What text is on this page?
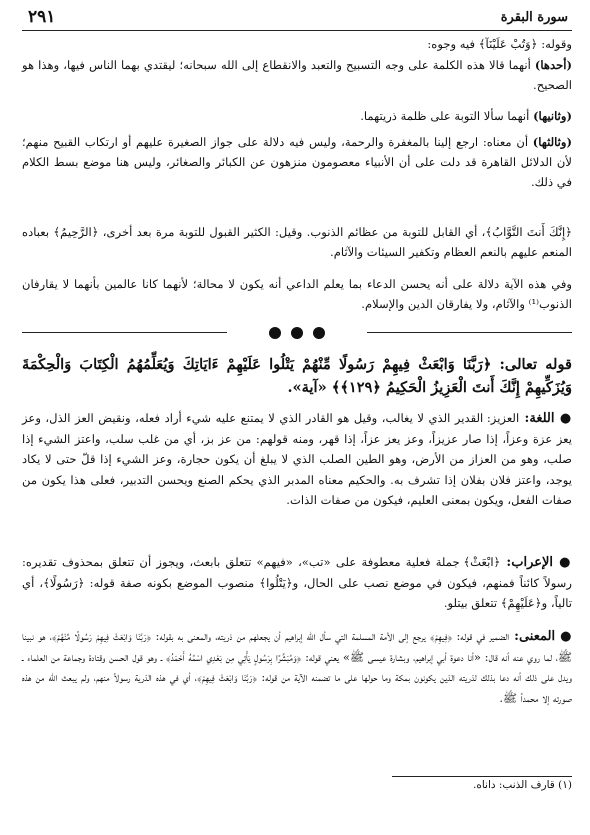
سورة البقرة
٢٩١

وقوله: ﴿وَتُبْ عَلَيْنَآ﴾ فيه وجوه:

(أحدها) أنهما قالا هذه الكلمة على وجه التسبيح والتعبد والانقطاع إلى الله سبحانه؛ ليقتدي بهما الناس فيها، وهذا هو الصحيح.

(وثانيها) أنهما سألا التوبة على ظلمة ذريتهما.

(وثالثها) أن معناه: ارجع إلينا بالمغفرة والرحمة، وليس فيه دلالة على جواز الصغيرة عليهم أو ارتكاب القبيح منهم؛ لأن الدلائل القاهرة قد دلت على أن الأنبياء معصومون منزهون عن الكبائر والصغائر، وليس هنا موضع بسط الكلام في ذلك.

﴿إِنَّكَ أَنتَ التَّوَّابُ﴾، أي القابل للتوبة من عظائم الذنوب. وقيل: الكثير القبول للتوبة مرة بعد أخرى، ﴿الرَّحِيمُ﴾ بعباده المنعم عليهم بالنعم العظام وتكفير السيئات والآثام.

وفي هذه الآية دلالة على أنه يحسن الدعاء بما يعلم الداعي أنه يكون لا محالة؛ لأنهما كانا عالمين بأنهما لا يقارفان الذنوب⁽¹⁾ والآثام، ولا يفارقان الدين والإسلام.

قوله تعالى: ﴿رَبَّنَا وَابْعَثْ فِيهِمْ رَسُولًا مِّنْهُمْ يَتْلُوا عَلَيْهِمْ ءَايَاتِكَ وَيُعَلِّمُهُمُ الْكِتَابَ وَالْحِكْمَةَ وَيُزَكِّيهِمْ إِنَّكَ أَنتَ الْعَزِيزُ الْحَكِيمُ ﴿١٢٩﴾﴾ «آية».

● اللغة: العزيز: القدير الذي لا يغالب، وقيل هو القادر الذي لا يمتنع عليه شيء أراد فعله، ونقيض العز الذل، وعز يعز عزة وعزاً، إذا صار عزيزاً، وعز يعز عزاً، إذا قهر، ومنه قولهم: من عز بز، أي من غلب سلب، واعتز الشيء إذا صلب، وهو من العزاز من الأرض، وهو الطين الصلب الذي لا يبلغ أن يكون حجارة، وعز الشيء إذا قلّ حتى لا يكاد يوجد، واعتز فلان بفلان إذا تشرف به. والحكيم معناه المدبر الذي يحكم الصنع ويحسن التدبير، فعلى هذا يكون من صفات الفعل، ويكون بمعنى العليم، فيكون من صفات الذات.

● الإعراب: ﴿ابْعَثْ﴾ جملة فعلية معطوفة على «تب»، «فيهم» تتعلق بابعث، ويجوز أن تتعلق بمحذوف تقديره: رسولاً كائناً فمنهم، فيكون في موضع نصب على الحال، و﴿يَتْلُوا﴾ منصوب الموضع بكونه صفة قوله: ﴿رَسُولًا﴾، أي تالياً، و﴿عَلَيْهِمْ﴾ تتعلق بيتلو.

● المعنى: الضمير في قوله: ﴿فِيهِمْ﴾ يرجع إلى الأمة المسلمة التي سأل الله إبراهيم أن يجعلهم من ذريته، والمعنى به بقوله: ﴿رَبَّنَا وَابْعَثْ فِيهِمْ رَسُولًا مِّنْهُمْ﴾، هو نبينا ﷺ، لما روي عنه أنه قال: «أنا دعوة أبي إبراهيم، وبشارة عيسى ﷺ» يعني قوله: ﴿وَمُبَشِّرًا بِرَسُولٍ يَأْتِي مِن بَعْدِي اسْمُهُ أَحْمَدُ﴾ ـ وهو قول الحسن وقتادة وجماعة من العلماء ـ ويدل على ذلك أنه دعا بذلك لذريته الذين يكونون بمكة وما حولها على ما تضمنه الآية من قوله: ﴿رَبَّنَا وَابْعَثْ فِيهِمْ﴾، أي في هذه الذرية رسولاً منهم، ولم يبعث الله من هذه صورته إلا محمداً ﷺ.

(١) قارف الذنب: داناه.
